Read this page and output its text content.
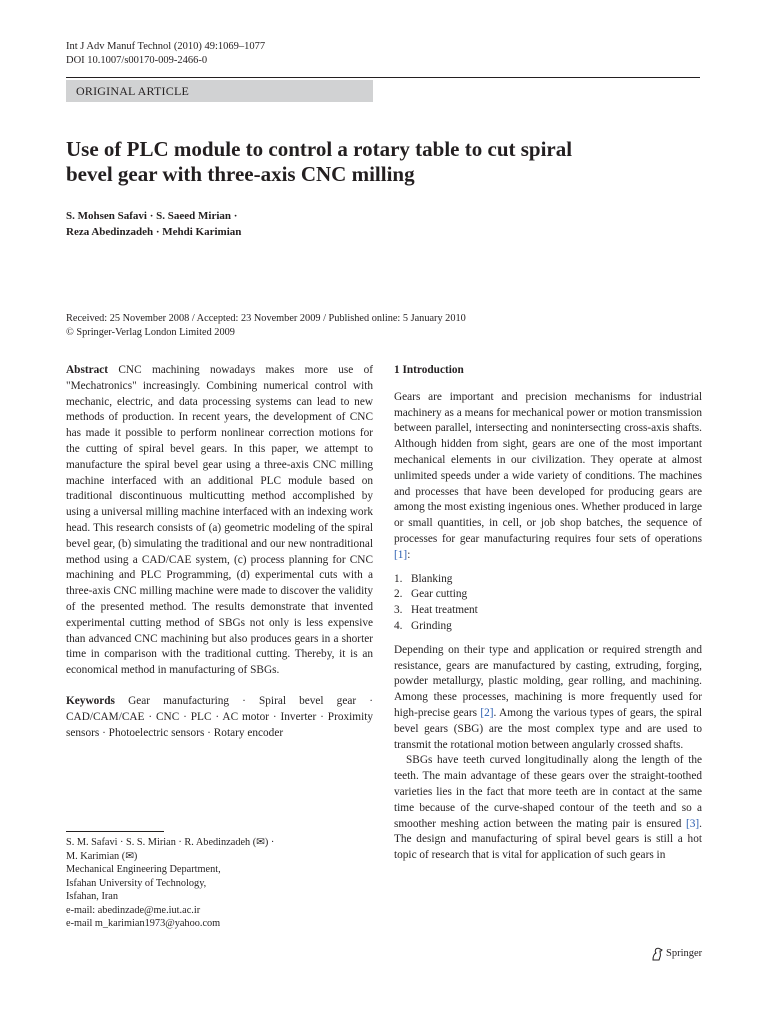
Int J Adv Manuf Technol (2010) 49:1069–1077
DOI 10.1007/s00170-009-2466-0
ORIGINAL ARTICLE
Use of PLC module to control a rotary table to cut spiral
bevel gear with three-axis CNC milling
S. Mohsen Safavi · S. Saeed Mirian ·
Reza Abedinzadeh · Mehdi Karimian
Received: 25 November 2008 / Accepted: 23 November 2009 / Published online: 5 January 2010
© Springer-Verlag London Limited 2009

Abstract CNC machining nowadays makes more use of "Mechatronics" increasingly. Combining numerical control with mechanic, electric, and data processing systems can lead to new methods of production. In recent years, the development of CNC has made it possible to perform nonlinear correction motions for the cutting of spiral bevel gears. In this paper, we attempt to manufacture the spiral bevel gear using a three-axis CNC milling machine interfaced with an additional PLC module based on traditional discontinuous multicutting method accomplished by using a universal milling machine interfaced with an indexing work head. This research consists of (a) geometric modeling of the spiral bevel gear, (b) simulating the traditional and our new nontraditional method using a CAD/CAE system, (c) process planning for CNC machining and PLC Programming, (d) experimental cuts with a three-axis CNC milling machine were made to discover the validity of the presented method. The results demonstrate that invented experimental cutting method of SBGs not only is less expensive than advanced CNC machining but also produces gears in a shorter time in comparison with the traditional cutting. Thereby, it is an economical method in manufacturing of SBGs.

Keywords Gear manufacturing · Spiral bevel gear · CAD/CAM/CAE · CNC · PLC · AC motor · Inverter · Proximity sensors · Photoelectric sensors · Rotary encoder

S. M. Safavi · S. S. Mirian · R. Abedinzadeh (✉) ·
M. Karimian (✉)
Mechanical Engineering Department,
Isfahan University of Technology,
Isfahan, Iran
e-mail: abedinzade@me.iut.ac.ir
e-mail m_karimian1973@yahoo.com
1 Introduction

Gears are important and precision mechanisms for industrial machinery as a means for mechanical power or motion transmission between parallel, intersecting and nonintersecting cross-axis shafts. Although hidden from sight, gears are one of the most important mechanical elements in our civilization. They operate at almost unlimited speeds under a wide variety of conditions. The machines and processes that have been developed for producing gears are among the most existing ingenious ones. Whether produced in large or small quantities, in cell, or job shop batches, the sequence of processes for gear manufacturing requires four sets of operations [1]:

1. Blanking
2. Gear cutting
3. Heat treatment
4. Grinding

Depending on their type and application or required strength and resistance, gears are manufactured by casting, extruding, forging, powder metallurgy, plastic molding, gear rolling, and machining. Among these processes, machining is more frequently used for high-precise gears [2]. Among the various types of gears, the spiral bevel gears (SBG) are the most complex type and are used to transmit the rotational motion between angularly crossed shafts.

SBGs have teeth curved longitudinally along the length of the teeth. The main advantage of these gears over the straight-toothed varieties lies in the fact that more teeth are in contact at the same time because of the curve-shaped contour of the teeth and so a smoother meshing action between the mating pair is ensured [3]. The design and manufacturing of spiral bevel gears is still a hot topic of research that is vital for application of such gears in

Springer
